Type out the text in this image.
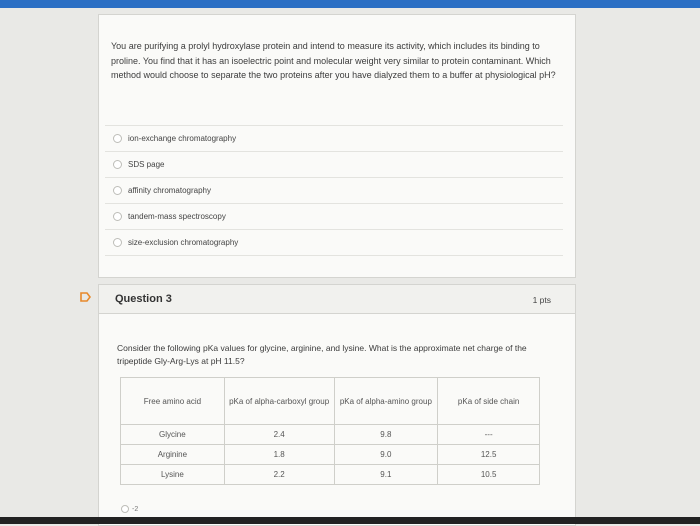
You are purifying a prolyl hydroxylase protein and intend to measure its activity, which includes its binding to proline. You find that it has an isoelectric point and molecular weight very similar to protein contaminant. Which method would choose to separate the two proteins after you have dialyzed them to a buffer at physiological pH?
ion-exchange chromatography
SDS page
affinity chromatography
tandem-mass spectroscopy
size-exclusion chromatography
Question 3	1 pts
Consider the following pKa values for glycine, arginine, and lysine. What is the approximate net charge of the tripeptide Gly-Arg-Lys at pH 11.5?
Free amino acid	pKa of alpha-carboxyl group	pKa of alpha-amino group	pKa of side chain
Glycine	2.4	9.8	---
Arginine	1.8	9.0	12.5
Lysine	2.2	9.1	10.5
-2
